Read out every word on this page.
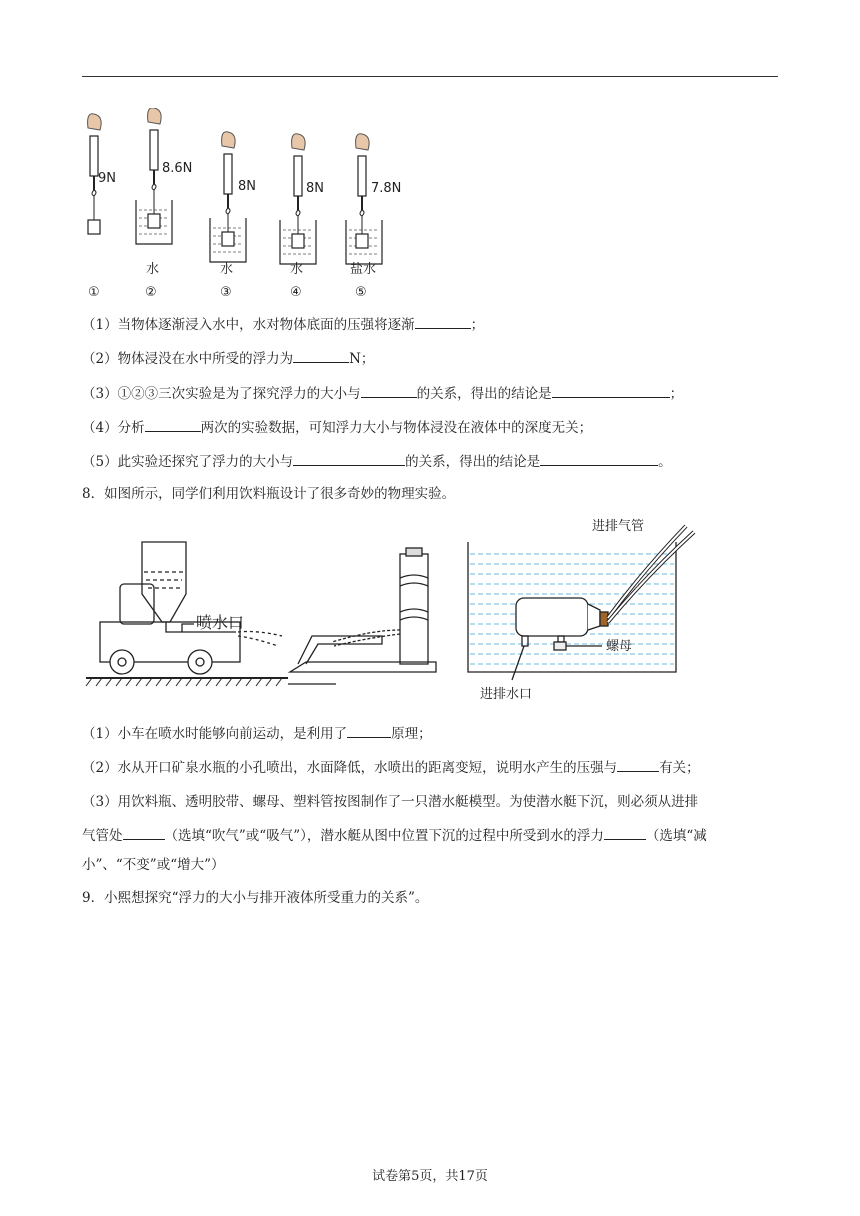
9N
8.6N
8N	8N	7.8N
水	水	水	盐水
①	②	③	④	⑤
（1）当物体逐渐浸入水中，水对物体底面的压强将逐渐	；
（2）物体浸没在水中所受的浮力为	N；
（3）①②③三次实验是为了探究浮力的大小与	的关系，得出的结论是	；
（4）分析	两次的实验数据，可知浮力大小与物体浸没在液体中的深度无关；
（5）此实验还探究了浮力的大小与	的关系，得出的结论是	。
8．如图所示，同学们利用饮料瓶设计了很多奇妙的物理实验。
喷水口
进排气管
螺母
进排水口
（1）小车在喷水时能够向前运动，是利用了	原理；
（2）水从开口矿泉水瓶的小孔喷出，水面降低，水喷出的距离变短，说明水产生的压强与	有关；
（3）用饮料瓶、透明胶带、螺母、塑料管按图制作了一只潜水艇模型。为使潜水艇下沉，则必须从进排
气管处	（选填“吹气”或“吸气”），潜水艇从图中位置下沉的过程中所受到水的浮力	（选填“减
小”、“不变”或“增大”）
9．小熙想探究“浮力的大小与排开液体所受重力的关系”。
试卷第5页，共17页
